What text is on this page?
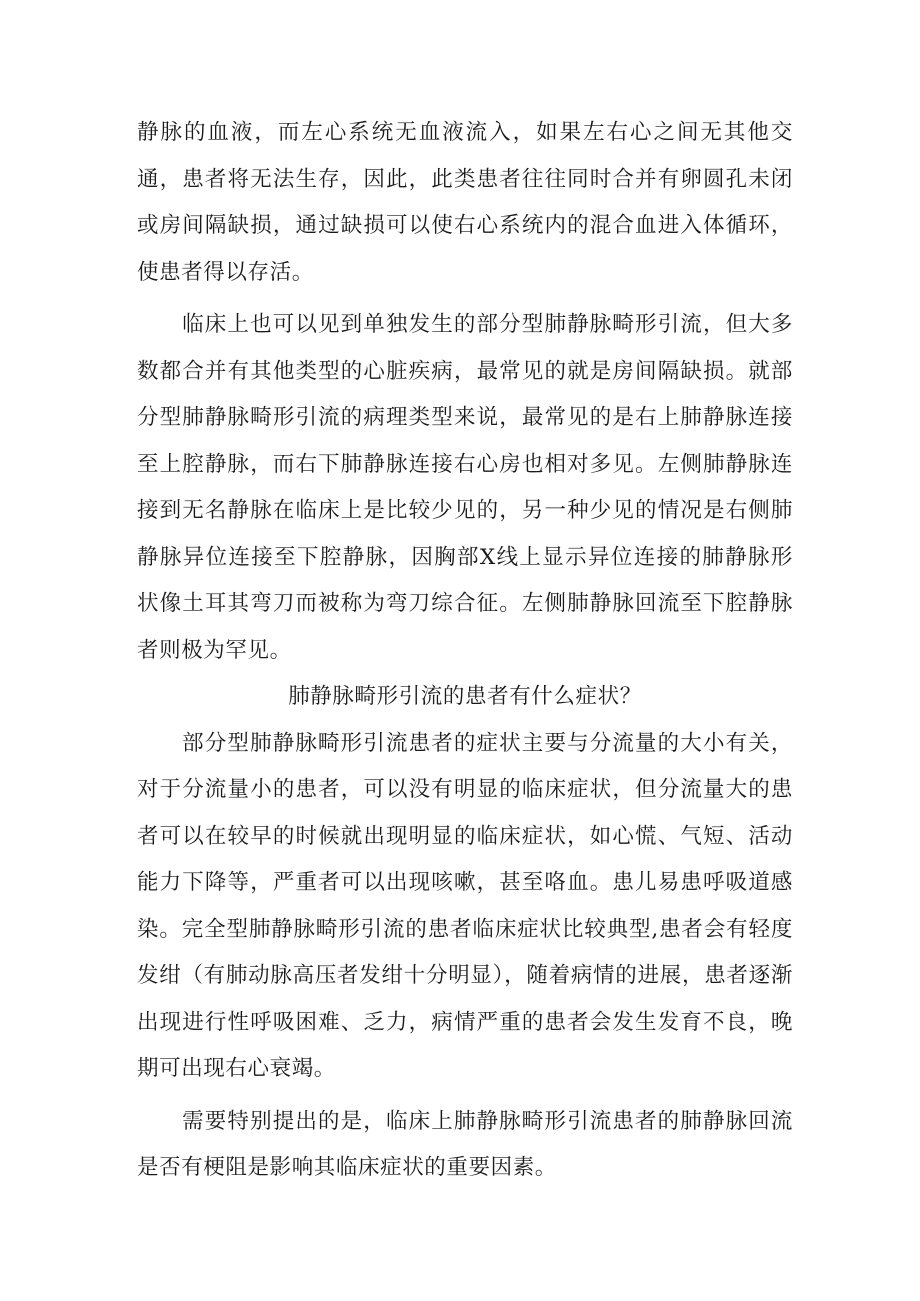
静脉的血液，而左心系统无血液流入，如果左右心之间无其他交通，患者将无法生存，因此，此类患者往往同时合并有卵圆孔未闭或房间隔缺损，通过缺损可以使右心系统内的混合血进入体循环，使患者得以存活。

临床上也可以见到单独发生的部分型肺静脉畸形引流，但大多数都合并有其他类型的心脏疾病，最常见的就是房间隔缺损。就部分型肺静脉畸形引流的病理类型来说，最常见的是右上肺静脉连接至上腔静脉，而右下肺静脉连接右心房也相对多见。左侧肺静脉连接到无名静脉在临床上是比较少见的，另一种少见的情况是右侧肺静脉异位连接至下腔静脉，因胸部X线上显示异位连接的肺静脉形状像土耳其弯刀而被称为弯刀综合征。左侧肺静脉回流至下腔静脉者则极为罕见。

肺静脉畸形引流的患者有什么症状？

部分型肺静脉畸形引流患者的症状主要与分流量的大小有关，对于分流量小的患者，可以没有明显的临床症状，但分流量大的患者可以在较早的时候就出现明显的临床症状，如心慌、气短、活动能力下降等，严重者可以出现咳嗽，甚至咯血。患儿易患呼吸道感染。完全型肺静脉畸形引流的患者临床症状比较典型,患者会有轻度发绀（有肺动脉高压者发绀十分明显），随着病情的进展，患者逐渐出现进行性呼吸困难、乏力，病情严重的患者会发生发育不良，晚期可出现右心衰竭。

需要特别提出的是，临床上肺静脉畸形引流患者的肺静脉回流是否有梗阻是影响其临床症状的重要因素。
